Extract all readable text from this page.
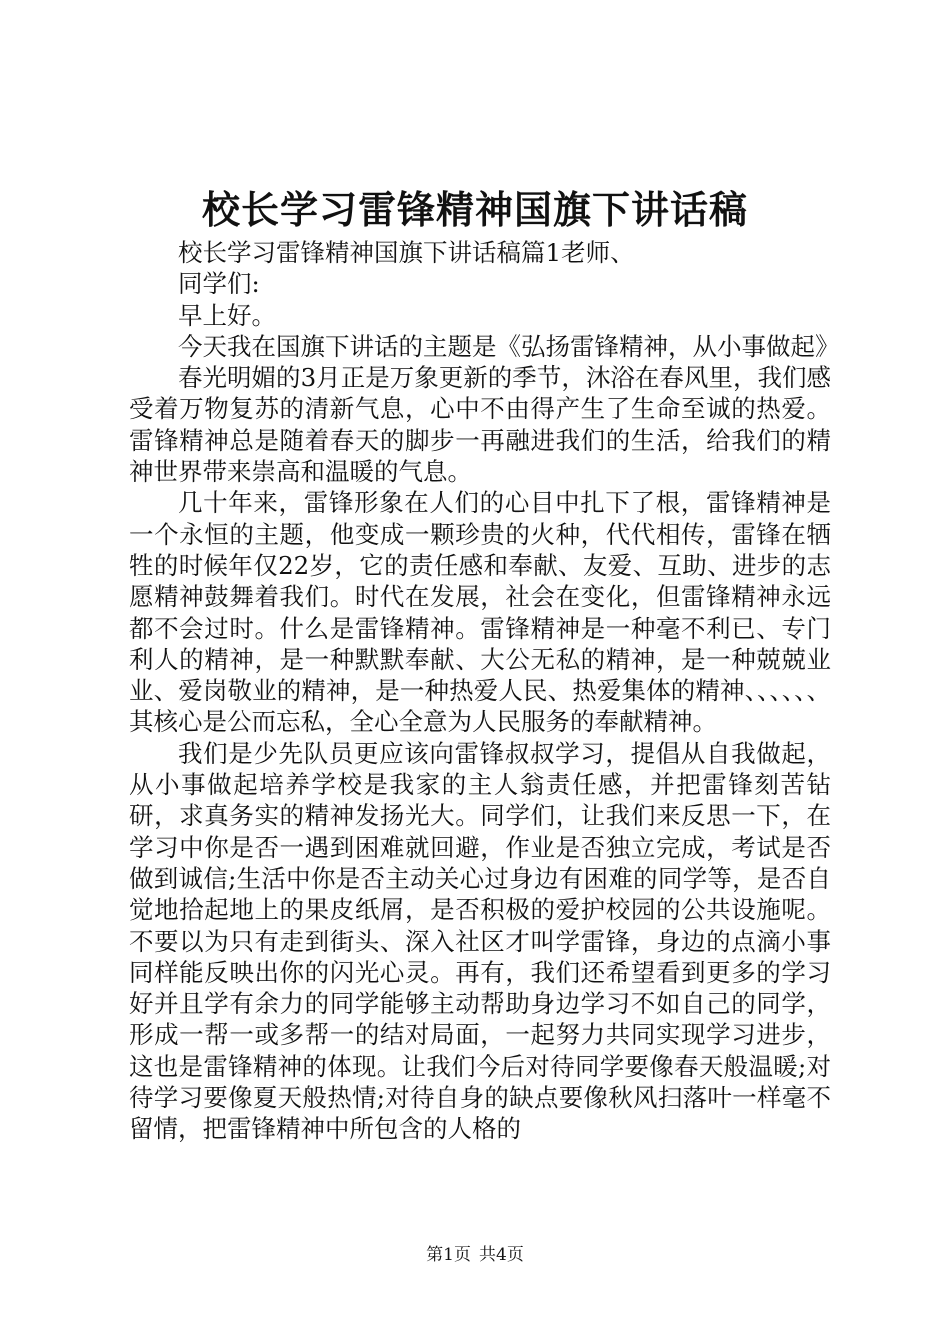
校长学习雷锋精神国旗下讲话稿

校长学习雷锋精神国旗下讲话稿篇1老师、

同学们:

早上好。

今天我在国旗下讲话的主题是《弘扬雷锋精神，从小事做起》

春光明媚的3月正是万象更新的季节，沐浴在春风里，我们感受着万物复苏的清新气息，心中不由得产生了生命至诚的热爱。雷锋精神总是随着春天的脚步一再融进我们的生活，给我们的精神世界带来崇高和温暖的气息。

几十年来，雷锋形象在人们的心目中扎下了根，雷锋精神是一个永恒的主题，他变成一颗珍贵的火种，代代相传，雷锋在牺牲的时候年仅22岁，它的责任感和奉献、友爱、互助、进步的志愿精神鼓舞着我们。时代在发展，社会在变化，但雷锋精神永远都不会过时。什么是雷锋精神。雷锋精神是一种毫不利已、专门利人的精神，是一种默默奉献、大公无私的精神，是一种兢兢业业、爱岗敬业的精神，是一种热爱人民、热爱集体的精神、、、、、、其核心是公而忘私，全心全意为人民服务的奉献精神。

我们是少先队员更应该向雷锋叔叔学习，提倡从自我做起，从小事做起培养学校是我家的主人翁责任感，并把雷锋刻苦钻研，求真务实的精神发扬光大。同学们，让我们来反思一下，在学习中你是否一遇到困难就回避，作业是否独立完成，考试是否做到诚信;生活中你是否主动关心过身边有困难的同学等，是否自觉地拾起地上的果皮纸屑，是否积极的爱护校园的公共设施呢。不要以为只有走到街头、深入社区才叫学雷锋，身边的点滴小事同样能反映出你的闪光心灵。再有，我们还希望看到更多的学习好并且学有余力的同学能够主动帮助身边学习不如自己的同学，形成一帮一或多帮一的结对局面，一起努力共同实现学习进步，这也是雷锋精神的体现。让我们今后对待同学要像春天般温暖;对待学习要像夏天般热情;对待自身的缺点要像秋风扫落叶一样毫不留情，把雷锋精神中所包含的人格的

第1页 共4页
